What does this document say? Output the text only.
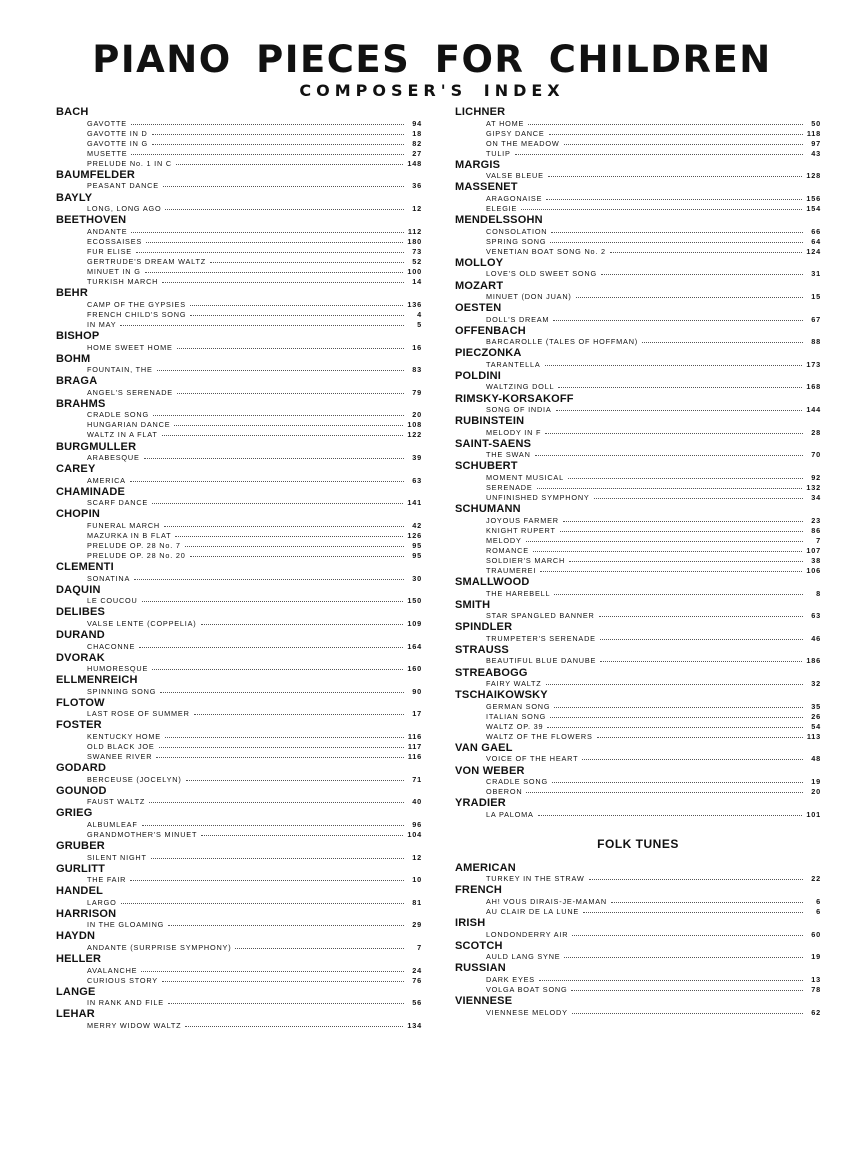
PIANO PIECES FOR CHILDREN
COMPOSER'S INDEX
BACH
GAVOTTE	94
GAVOTTE IN D	18
GAVOTTE IN G	82
MUSETTE	27
PRELUDE No. 1 IN C	148
BAUMFELDER
PEASANT DANCE	36
BAYLY
LONG, LONG AGO	12
BEETHOVEN
ANDANTE	112
ECOSSAISES	180
FUR ELISE	73
GERTRUDE'S DREAM WALTZ	52
MINUET IN G	100
TURKISH MARCH	14
BEHR
CAMP OF THE GYPSIES	136
FRENCH CHILD'S SONG	4
IN MAY	5
BISHOP
HOME SWEET HOME	16
BOHM
FOUNTAIN, THE	83
BRAGA
ANGEL'S SERENADE	79
BRAHMS
CRADLE SONG	20
HUNGARIAN DANCE	108
WALTZ IN A FLAT	122
BURGMULLER
ARABESQUE	39
CAREY
AMERICA	63
CHAMINADE
SCARF DANCE	141
CHOPIN
FUNERAL MARCH	42
MAZURKA IN B FLAT	126
PRELUDE OP. 28 No. 7	95
PRELUDE OP. 28 No. 20	95
CLEMENTI
SONATINA	30
DAQUIN
LE COUCOU	150
DELIBES
VALSE LENTE (COPPELIA)	109
DURAND
CHACONNE	164
DVORAK
HUMORESQUE	160
ELLMENREICH
SPINNING SONG	90
FLOTOW
LAST ROSE OF SUMMER	17
FOSTER
KENTUCKY HOME	116
OLD BLACK JOE	117
SWANEE RIVER	116
GODARD
BERCEUSE (JOCELYN)	71
GOUNOD
FAUST WALTZ	40
GRIEG
ALBUMLEAF	96
GRANDMOTHER'S MINUET	104
GRUBER
SILENT NIGHT	12
GURLITT
THE FAIR	10
HANDEL
LARGO	81
HARRISON
IN THE GLOAMING	29
HAYDN
ANDANTE (SURPRISE SYMPHONY)	7
HELLER
AVALANCHE	24
CURIOUS STORY	76
LANGE
IN RANK AND FILE	56
LEHAR
MERRY WIDOW WALTZ	134
LICHNER
AT HOME	50
GIPSY DANCE	118
ON THE MEADOW	97
TULIP	43
MARGIS
VALSE BLEUE	128
MASSENET
ARAGONAISE	156
ELEGIE	154
MENDELSSOHN
CONSOLATION	66
SPRING SONG	64
VENETIAN BOAT SONG No. 2	124
MOLLOY
LOVE'S OLD SWEET SONG	31
MOZART
MINUET (DON JUAN)	15
OESTEN
DOLL'S DREAM	67
OFFENBACH
BARCAROLLE (TALES OF HOFFMAN)	88
PIECZONKA
TARANTELLA	173
POLDINI
WALTZING DOLL	168
RIMSKY-KORSAKOFF
SONG OF INDIA	144
RUBINSTEIN
MELODY IN F	28
SAINT-SAENS
THE SWAN	70
SCHUBERT
MOMENT MUSICAL	92
SERENADE	132
UNFINISHED SYMPHONY	34
SCHUMANN
JOYOUS FARMER	23
KNIGHT RUPERT	86
MELODY	7
ROMANCE	107
SOLDIER'S MARCH	38
TRAUMEREI	106
SMALLWOOD
THE HAREBELL	8
SMITH
STAR SPANGLED BANNER	63
SPINDLER
TRUMPETER'S SERENADE	46
STRAUSS
BEAUTIFUL BLUE DANUBE	186
STREABOGG
FAIRY WALTZ	32
TSCHAIKOWSKY
GERMAN SONG	35
ITALIAN SONG	26
WALTZ OP. 39	54
WALTZ OF THE FLOWERS	113
VAN GAEL
VOICE OF THE HEART	48
VON WEBER
CRADLE SONG	19
OBERON	20
YRADIER
LA PALOMA	101
FOLK TUNES
AMERICAN
TURKEY IN THE STRAW	22
FRENCH
AH! VOUS DIRAIS-JE-MAMAN	6
AU CLAIR DE LA LUNE	6
IRISH
LONDONDERRY AIR	60
SCOTCH
AULD LANG SYNE	19
RUSSIAN
DARK EYES	13
VOLGA BOAT SONG	78
VIENNESE
VIENNESE MELODY	62
